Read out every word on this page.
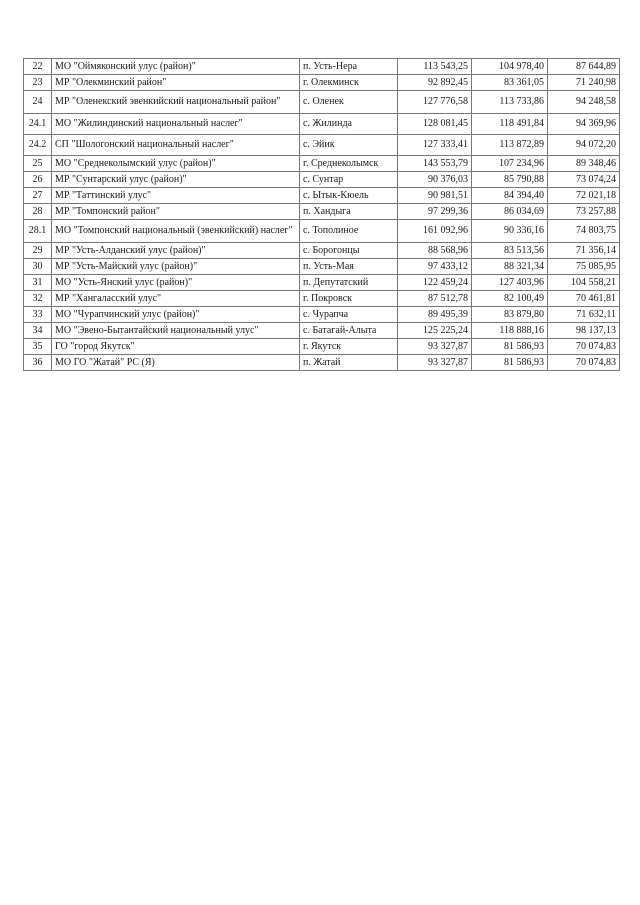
22	МО "Оймяконский улус (район)"	п. Усть-Нера	113 543,25	104 978,40	87 644,89
23	МР "Олекминский район"	г. Олекминск	92 892,45	83 361,05	71 240,98
24	МР "Оленекский эвенкийский национальный район"	с. Оленек	127 776,58	113 733,86	94 248,58
24.1	МО "Жилиндинский национальный наслег"	с. Жилинда	128 081,45	118 491,84	94 369,96
24.2	СП "Шологонский национальный наслег"	с. Эйик	127 333,41	113 872,89	94 072,20
25	МО "Среднеколымский улус (район)"	г. Среднеколымск	143 553,79	107 234,96	89 348,46
26	МР "Сунтарский улус (район)"	с. Сунтар	90 376,03	85 790,88	73 074,24
27	МР "Таттинский улус"	с. Ытык-Кюель	90 981,51	84 394,40	72 021,18
28	МР "Томпонский район"	п. Хандыга	97 299,36	86 034,69	73 257,88
28.1	МО "Томпонский национальный (эвенкийский) наслег"	с. Тополиное	161 092,96	90 336,16	74 803,75
29	МР "Усть-Алданский улус (район)"	с. Борогонцы	88 568,96	83 513,56	71 356,14
30	МР "Усть-Майский улус (район)"	п. Усть-Мая	97 433,12	88 321,34	75 085,95
31	МО "Усть-Янский улус (район)"	п. Депутатский	122 459,24	127 403,96	104 558,21
32	МР "Хангаласский улус"	г. Покровск	87 512,78	82 100,49	70 461,81
33	МО "Чурапчинский улус (район)"	с. Чурапча	89 495,39	83 879,80	71 632,11
34	МО "Эвено-Бытантайский национальный улус"	с. Батагай-Алыта	125 225,24	118 888,16	98 137,13
35	ГО "город Якутск"	г. Якутск	93 327,87	81 586,93	70 074,83
36	МО ГО "Жатай" РС (Я)	п. Жатай	93 327,87	81 586,93	70 074,83
